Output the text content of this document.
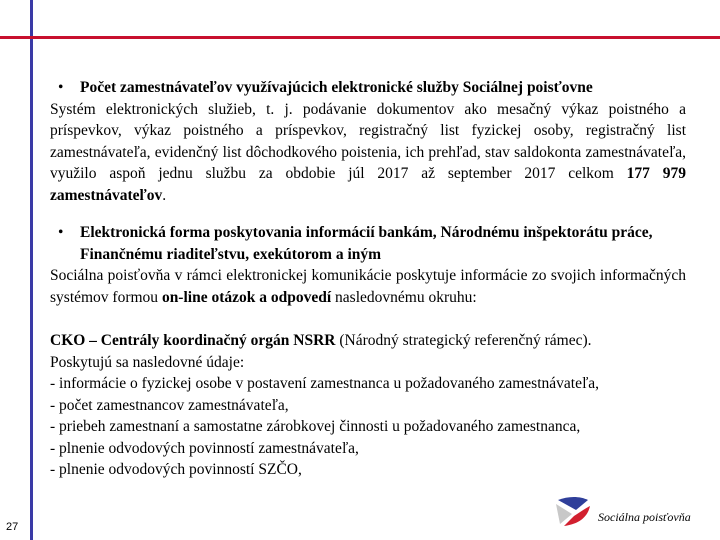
•	Počet zamestnávateľov využívajúcich elektronické služby Sociálnej poisťovne
Systém elektronických služieb, t. j. podávanie dokumentov ako mesačný výkaz poistného a príspevkov, výkaz poistného a príspevkov, registračný list fyzickej osoby, registračný list zamestnávateľa, evidenčný list dôchodkového poistenia, ich prehľad, stav saldokonta zamestnávateľa, využilo aspoň jednu službu za obdobie júl 2017 až september 2017 celkom 177 979 zamestnávateľov.
•	Elektronická forma poskytovania informácií bankám, Národnému inšpektorátu práce, Finančnému riaditeľstvu, exekútorom a iným
Sociálna poisťovňa v rámci elektronickej komunikácie poskytuje informácie zo svojich informačných systémov formou on-line otázok a odpovedí nasledovnému okruhu:
CKO – Centrály koordinačný orgán NSRR (Národný strategický referenčný rámec).
Poskytujú sa nasledovné údaje:
- informácie o fyzickej osobe v postavení zamestnanca u požadovaného zamestnávateľa,
- počet zamestnancov zamestnávateľa,
- priebeh zamestnaní a samostatne zárobkovej činnosti u požadovaného zamestnanca,
- plnenie odvodových povinností zamestnávateľa,
- plnenie odvodových povinností SZČO,
27
Sociálna poisťovňa
